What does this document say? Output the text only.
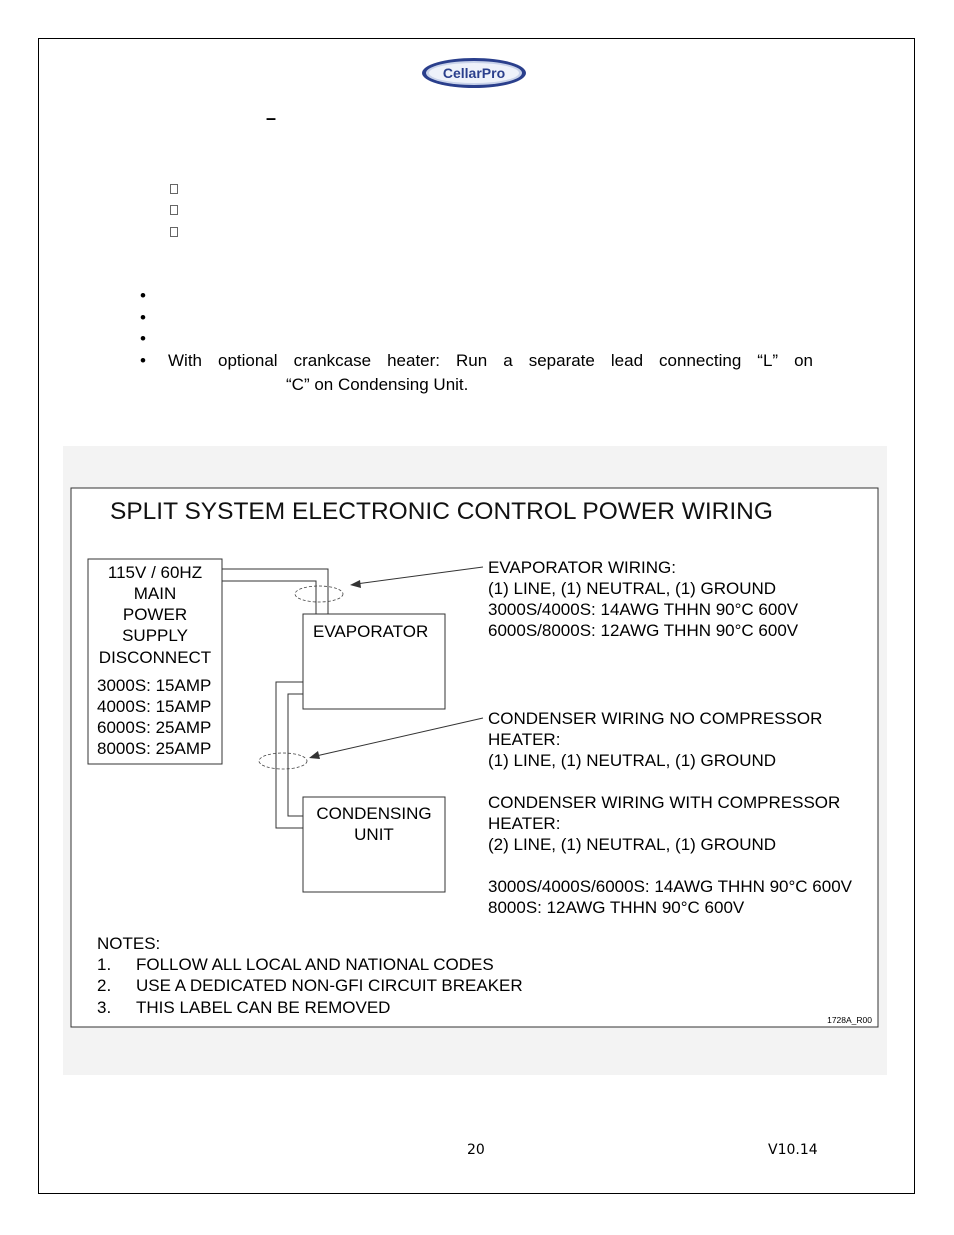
CellarPro
–
•
•
•
•	With optional crankcase heater: Run a separate lead connecting “L” on
“C” on Condensing Unit.
SPLIT SYSTEM ELECTRONIC CONTROL POWER WIRING
115V / 60HZ
MAIN
POWER
SUPPLY
DISCONNECT
3000S: 15AMP
4000S: 15AMP
6000S: 25AMP
8000S: 25AMP
EVAPORATOR
CONDENSING
UNIT
EVAPORATOR WIRING:
(1) LINE, (1) NEUTRAL, (1) GROUND
3000S/4000S: 14AWG THHN 90°C 600V
6000S/8000S: 12AWG THHN 90°C 600V
CONDENSER WIRING NO COMPRESSOR
HEATER:
(1) LINE, (1) NEUTRAL, (1) GROUND
CONDENSER WIRING WITH COMPRESSOR
HEATER:
(2) LINE, (1) NEUTRAL, (1) GROUND
3000S/4000S/6000S: 14AWG THHN 90°C 600V
8000S: 12AWG THHN 90°C 600V
NOTES:
1. FOLLOW ALL LOCAL AND NATIONAL CODES
2. USE A DEDICATED NON-GFI CIRCUIT BREAKER
3. THIS LABEL CAN BE REMOVED
1728A_R00
20	V10.14
